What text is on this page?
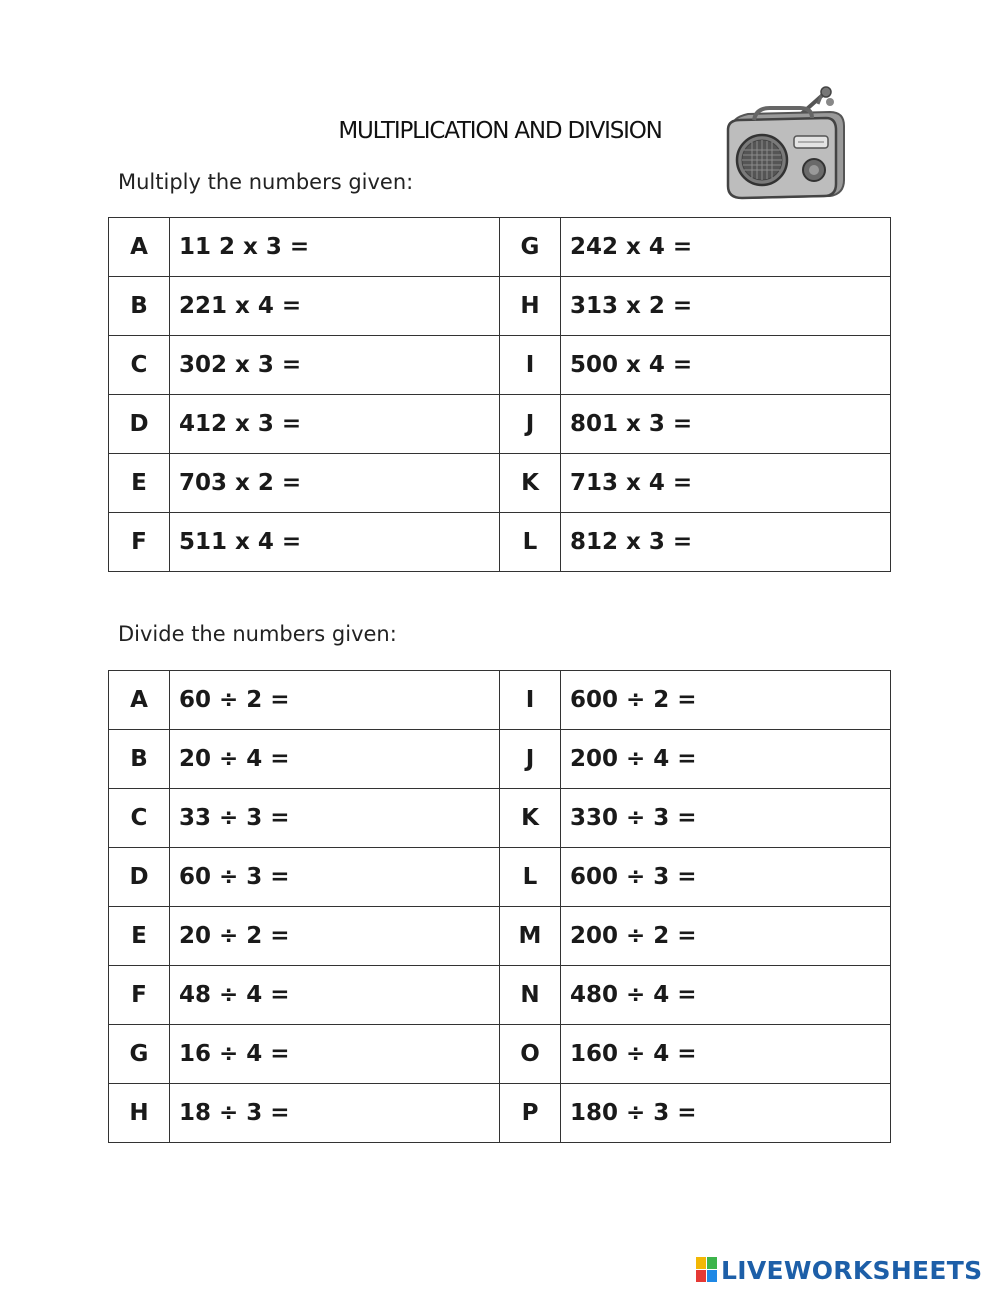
MULTIPLICATION AND DIVISION
Multiply the numbers given:
A	11 2 x 3 =	G	242 x 4 =
B	221 x 4 =	H	313 x 2 =
C	302 x 3 =	I	500 x 4 =
D	412 x 3 =	J	801 x 3 =
E	703 x 2 =	K	713 x 4 =
F	511 x 4 =	L	812 x 3 =
Divide the numbers given:
A	60 ÷ 2 =	I	600 ÷ 2 =
B	20 ÷ 4 =	J	200 ÷ 4 =
C	33 ÷ 3 =	K	330 ÷ 3 =
D	60 ÷ 3 =	L	600 ÷ 3 =
E	20 ÷ 2 =	M	200 ÷ 2 =
F	48 ÷ 4 =	N	480 ÷ 4 =
G	16 ÷ 4 =	O	160 ÷ 4 =
H	18 ÷ 3 =	P	180 ÷ 3 =
LIVEWORKSHEETS
